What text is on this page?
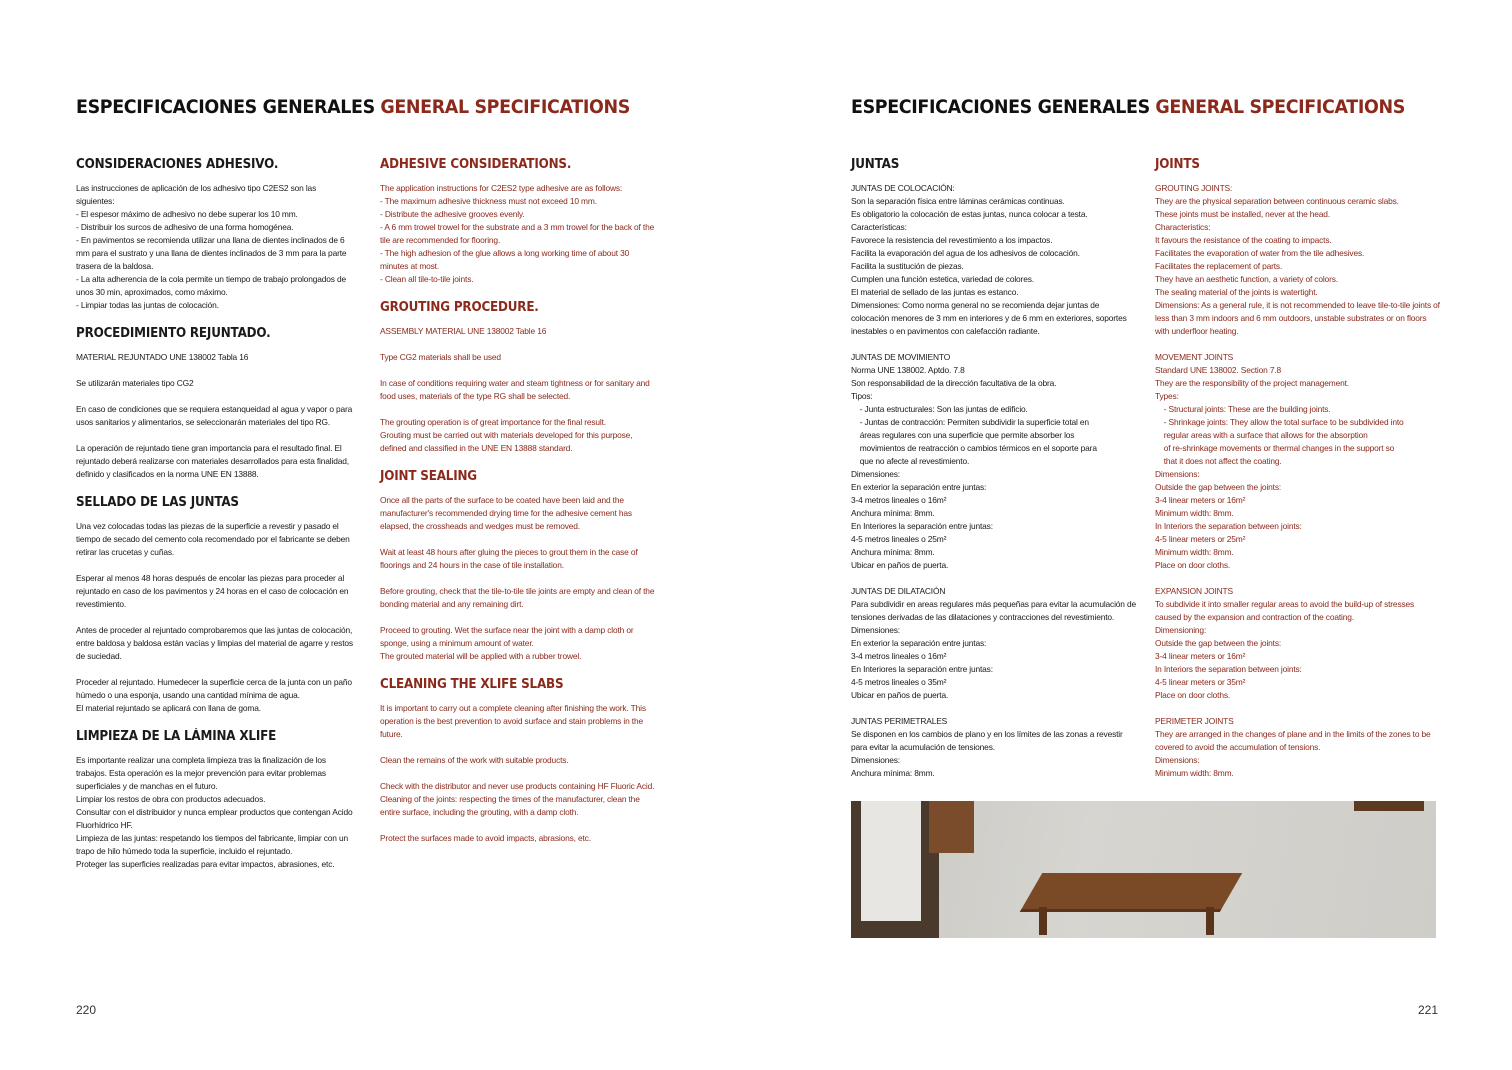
ESPECIFICACIONES GENERALES GENERAL SPECIFICATIONS
CONSIDERACIONES ADHESIVO.
Las instrucciones de aplicación de los adhesivo tipo C2ES2 son las siguientes:
- El espesor máximo de adhesivo no debe superar los 10 mm.
- Distribuir los surcos de adhesivo de una forma homogénea.
- En pavimentos se recomienda utilizar una llana de dientes inclinados de 6 mm para el sustrato y una llana de dientes inclinados de 3 mm para la parte trasera de la baldosa.
- La alta adherencia de la cola permite un tiempo de trabajo prolongados de unos 30 min, aproximados, como máximo.
- Limpiar todas las juntas de colocación.
PROCEDIMIENTO REJUNTADO.
MATERIAL REJUNTADO UNE 138002 Tabla 16
Se utilizarán materiales tipo CG2
En caso de condiciones que se requiera estanqueidad al agua y vapor o para usos sanitarios y alimentarios, se seleccionarán materiales del tipo RG.
La operación de rejuntado tiene gran importancia para el resultado final. El rejuntado deberá realizarse con materiales desarrollados para esta finalidad, definido y clasificados en la norma UNE EN 13888.
SELLADO DE LAS JUNTAS
Una vez colocadas todas las piezas de la superficie a revestir y pasado el tiempo de secado del cemento cola recomendado por el fabricante se deben retirar las crucetas y cuñas.
Esperar al menos 48 horas después de encolar las piezas para proceder al rejuntado en caso de los pavimentos y 24 horas en el caso de colocación en revestimiento.
Antes de proceder al rejuntado comprobaremos que las juntas de colocación, entre baldosa y baldosa están vacías y limpias del material de agarre y restos de suciedad.
Proceder al rejuntado. Humedecer la superficie cerca de la junta con un paño húmedo o una esponja, usando una cantidad mínima de agua.
El material rejuntado se aplicará con llana de goma.
LIMPIEZA DE LA LÁMINA XLIFE
Es importante realizar una completa limpieza tras la finalización de los trabajos. Esta operación es la mejor prevención para evitar problemas superficiales y de manchas en el futuro.
Limpiar los restos de obra con productos adecuados.
Consultar con el distribuidor y nunca emplear productos que contengan Acido Fluorhídrico HF.
Limpieza de las juntas: respetando los tiempos del fabricante, limpiar con un trapo de hilo húmedo toda la superficie, incluido el rejuntado.
Proteger las superficies realizadas para evitar impactos, abrasiones, etc.
ADHESIVE CONSIDERATIONS.
The application instructions for C2ES2 type adhesive are as follows:
- The maximum adhesive thickness must not exceed 10 mm.
- Distribute the adhesive grooves evenly.
- A 6 mm trowel trowel for the substrate and a 3 mm trowel for the back of the tile are recommended for flooring.
- The high adhesion of the glue allows a long working time of about 30 minutes at most.
- Clean all tile-to-tile joints.
GROUTING PROCEDURE.
ASSEMBLY MATERIAL UNE 138002 Table 16
Type CG2 materials shall be used
In case of conditions requiring water and steam tightness or for sanitary and food uses, materials of the type RG shall be selected.
The grouting operation is of great importance for the final result.
Grouting must be carried out with materials developed for this purpose, defined and classified in the UNE EN 13888 standard.
JOINT SEALING
Once all the parts of the surface to be coated have been laid and the manufacturer's recommended drying time for the adhesive cement has elapsed, the crossheads and wedges must be removed.
Wait at least 48 hours after gluing the pieces to grout them in the case of floorings and 24 hours in the case of tile installation.
Before grouting, check that the tile-to-tile tile joints are empty and clean of the bonding material and any remaining dirt.
Proceed to grouting. Wet the surface near the joint with a damp cloth or sponge, using a minimum amount of water.
The grouted material will be applied with a rubber trowel.
CLEANING THE XLIFE SLABS
It is important to carry out a complete cleaning after finishing the work. This operation is the best prevention to avoid surface and stain problems in the future.
Clean the remains of the work with suitable products.
Check with the distributor and never use products containing HF Fluoric Acid.
Cleaning of the joints: respecting the times of the manufacturer, clean the entire surface, including the grouting, with a damp cloth.
Protect the surfaces made to avoid impacts, abrasions, etc.
220
ESPECIFICACIONES GENERALES GENERAL SPECIFICATIONS
JUNTAS
JUNTAS DE COLOCACIÓN:
Son la separación física entre láminas cerámicas continuas.
Es obligatorio la colocación de estas juntas, nunca colocar a testa.
Características:
Favorece la resistencia del revestimiento a los impactos.
Facilita la evaporación del agua de los adhesivos de colocación.
Facilita la sustitución de piezas.
Cumplen una función estetica, variedad de colores.
El material de sellado de las juntas es estanco.
Dimensiones: Como norma general no se recomienda dejar juntas de colocación menores de 3 mm en interiores y de 6 mm en exteriores, soportes inestables o en pavimentos con calefacción radiante.
JUNTAS DE MOVIMIENTO
Norma UNE 138002. Aptdo. 7.8
Son responsabilidad de la dirección facultativa de la obra.
Tipos:
- Junta estructurales: Son las juntas de edificio.
- Juntas de contracción: Permiten subdividir la superficie total en
áreas regulares con una superficie que permite absorber los
movimientos de reatracción o cambios térmicos en el soporte para
que no afecte al revestimiento.
Dimensiones:
En exterior la separación entre juntas:
3-4 metros lineales o 16m²
Anchura mínima: 8mm.
En Interiores la separación entre juntas:
4-5 metros lineales o 25m²
Anchura mínima: 8mm.
Ubicar en paños de puerta.
JUNTAS DE DILATACIÓN
Para subdividir en areas regulares más pequeñas para evitar la acumulación de tensiones derivadas de las dilataciones y contracciones del revestimiento.
Dimensiones:
En exterior la separación entre juntas:
3-4 metros lineales o 16m²
En Interiores la separación entre juntas:
4-5 metros lineales o 35m²
Ubicar en paños de puerta.
JUNTAS PERIMETRALES
Se disponen en los cambios de plano y en los límites de las zonas a revestir para evitar la acumulación de tensiones.
Dimensiones:
Anchura mínima: 8mm.
JOINTS
GROUTING JOINTS:
They are the physical separation between continuous ceramic slabs.
These joints must be installed, never at the head.
Characteristics:
It favours the resistance of the coating to impacts.
Facilitates the evaporation of water from the tile adhesives.
Facilitates the replacement of parts.
They have an aesthetic function, a variety of colors.
The sealing material of the joints is watertight.
Dimensions: As a general rule, it is not recommended to leave tile-to-tile joints of less than 3 mm indoors and 6 mm outdoors, unstable substrates or on floors with underfloor heating.
MOVEMENT JOINTS
Standard UNE 138002. Section 7.8
They are the responsibility of the project management.
Types:
- Structural joints: These are the building joints.
- Shrinkage joints: They allow the total surface to be subdivided into
regular areas with a surface that allows for the absorption
of re-shrinkage movements or thermal changes in the support so
that it does not affect the coating.
Dimensions:
Outside the gap between the joints:
3-4 linear meters or 16m²
Minimum width: 8mm.
In Interiors the separation between joints:
4-5 linear meters or 25m²
Minimum width: 8mm.
Place on door cloths.
EXPANSION JOINTS
To subdivide it into smaller regular areas to avoid the build-up of stresses caused by the expansion and contraction of the coating.
Dimensioning:
Outside the gap between the joints:
3-4 linear meters or 16m²
In Interiors the separation between joints:
4-5 linear meters or 35m²
Place on door cloths.
PERIMETER JOINTS
They are arranged in the changes of plane and in the limits of the zones to be covered to avoid the accumulation of tensions.
Dimensions:
Minimum width: 8mm.
221
